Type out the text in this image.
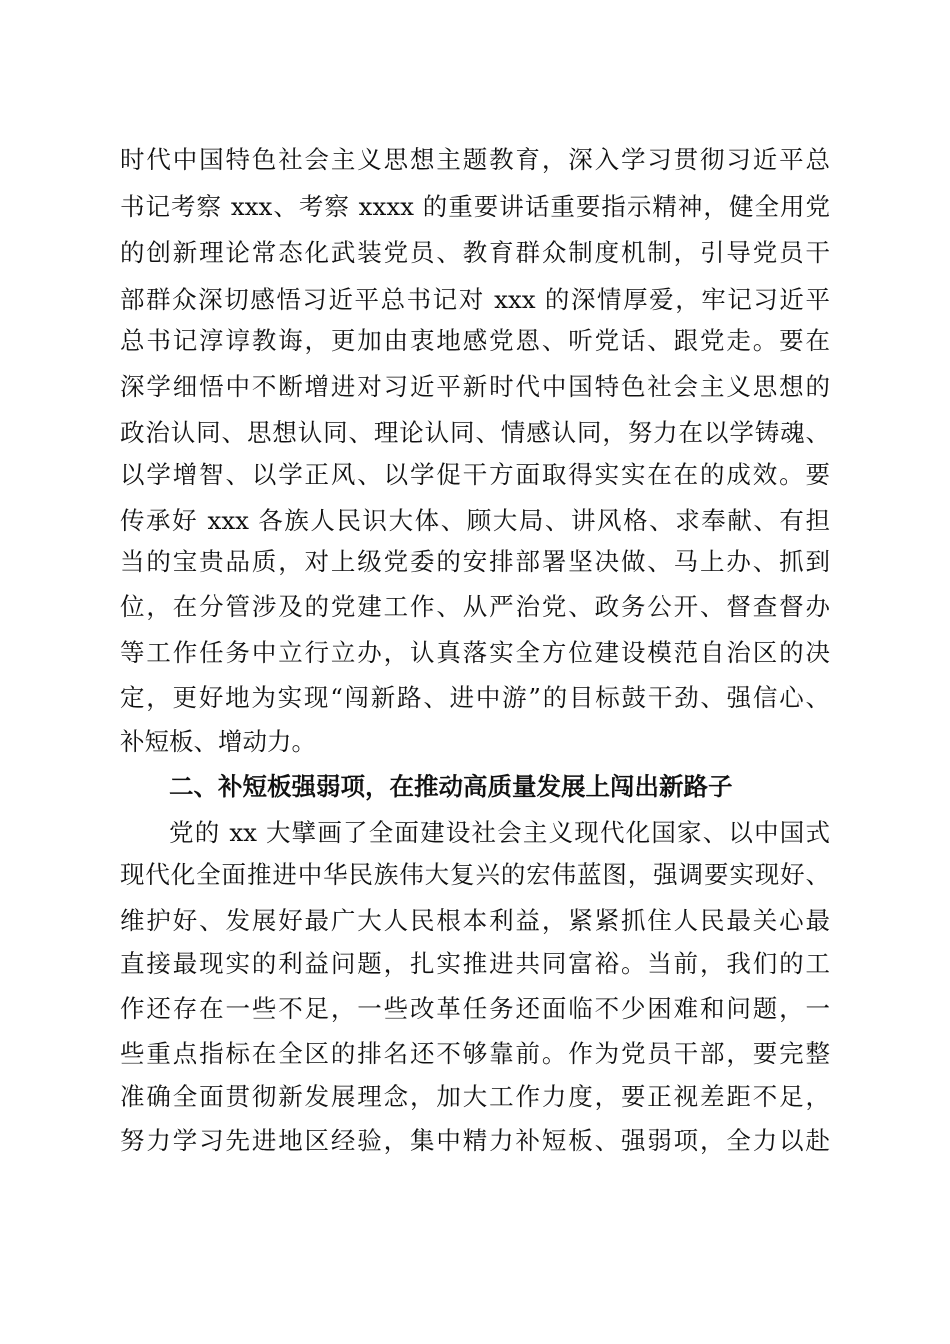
时代中国特色社会主义思想主题教育，深入学习贯彻习近平总
书记考察 xxx、考察 xxxx 的重要讲话重要指示精神，健全用党
的创新理论常态化武装党员、教育群众制度机制，引导党员干
部群众深切感悟习近平总书记对 xxx 的深情厚爱，牢记习近平
总书记淳谆教诲，更加由衷地感党恩、听党话、跟党走。要在
深学细悟中不断增进对习近平新时代中国特色社会主义思想的
政治认同、思想认同、理论认同、情感认同，努力在以学铸魂、
以学增智、以学正风、以学促干方面取得实实在在的成效。要
传承好 xxx 各族人民识大体、顾大局、讲风格、求奉献、有担
当的宝贵品质，对上级党委的安排部署坚决做、马上办、抓到
位，在分管涉及的党建工作、从严治党、政务公开、督查督办
等工作任务中立行立办，认真落实全方位建设模范自治区的决
定，更好地为实现“闯新路、进中游”的目标鼓干劲、强信心、
补短板、增动力。
二、补短板强弱项，在推动高质量发展上闯出新路子
党的 xx 大擘画了全面建设社会主义现代化国家、以中国式
现代化全面推进中华民族伟大复兴的宏伟蓝图，强调要实现好、
维护好、发展好最广大人民根本利益，紧紧抓住人民最关心最
直接最现实的利益问题，扎实推进共同富裕。当前，我们的工
作还存在一些不足，一些改革任务还面临不少困难和问题，一
些重点指标在全区的排名还不够靠前。作为党员干部，要完整
准确全面贯彻新发展理念，加大工作力度，要正视差距不足，
努力学习先进地区经验，集中精力补短板、强弱项，全力以赴
